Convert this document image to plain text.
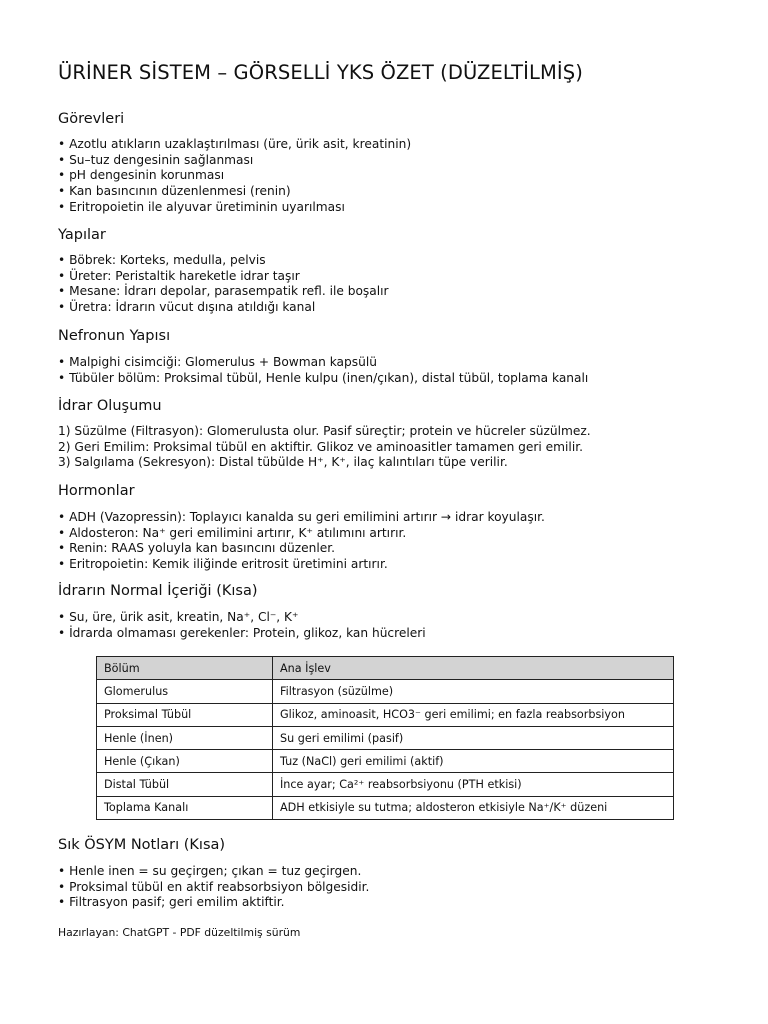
ÜRİNER SİSTEM – GÖRSELLİ YKS ÖZET (DÜZELTİLMİŞ)
Görevleri
• Azotlu atıkların uzaklaştırılması (üre, ürik asit, kreatinin)
• Su–tuz dengesinin sağlanması
• pH dengesinin korunması
• Kan basıncının düzenlenmesi (renin)
• Eritropoietin ile alyuvar üretiminin uyarılması
Yapılar
• Böbrek: Korteks, medulla, pelvis
• Üreter: Peristaltik hareketle idrar taşır
• Mesane: İdrarı depolar, parasempatik refl. ile boşalır
• Üretra: İdrarın vücut dışına atıldığı kanal
Nefronun Yapısı
• Malpighi cisimciği: Glomerulus + Bowman kapsülü
• Tübüler bölüm: Proksimal tübül, Henle kulpu (inen/çıkan), distal tübül, toplama kanalı
İdrar Oluşumu
1) Süzülme (Filtrasyon): Glomerulusta olur. Pasif süreçtir; protein ve hücreler süzülmez.
2) Geri Emilim: Proksimal tübül en aktiftir. Glikoz ve aminoasitler tamamen geri emilir.
3) Salgılama (Sekresyon): Distal tübülde H⁺, K⁺, ilaç kalıntıları tüpe verilir.
Hormonlar
• ADH (Vazopressin): Toplayıcı kanalda su geri emilimini artırır → idrar koyulaşır.
• Aldosteron: Na⁺ geri emilimini artırır, K⁺ atılımını artırır.
• Renin: RAAS yoluyla kan basıncını düzenler.
• Eritropoietin: Kemik iliğinde eritrosit üretimini artırır.
İdrarın Normal İçeriği (Kısa)
• Su, üre, ürik asit, kreatin, Na⁺, Cl⁻, K⁺
• İdrarda olmaması gerekenler: Protein, glikoz, kan hücreleri
Bölüm	Ana İşlev
Glomerulus	Filtrasyon (süzülme)
Proksimal Tübül	Glikoz, aminoasit, HCO3⁻ geri emilimi; en fazla reabsorbsiyon
Henle (İnen)	Su geri emilimi (pasif)
Henle (Çıkan)	Tuz (NaCl) geri emilimi (aktif)
Distal Tübül	İnce ayar; Ca²⁺ reabsorbsiyonu (PTH etkisi)
Toplama Kanalı	ADH etkisiyle su tutma; aldosteron etkisiyle Na⁺/K⁺ düzeni
Sık ÖSYM Notları (Kısa)
• Henle inen = su geçirgen; çıkan = tuz geçirgen.
• Proksimal tübül en aktif reabsorbsiyon bölgesidir.
• Filtrasyon pasif; geri emilim aktiftir.
Hazırlayan: ChatGPT - PDF düzeltilmiş sürüm
